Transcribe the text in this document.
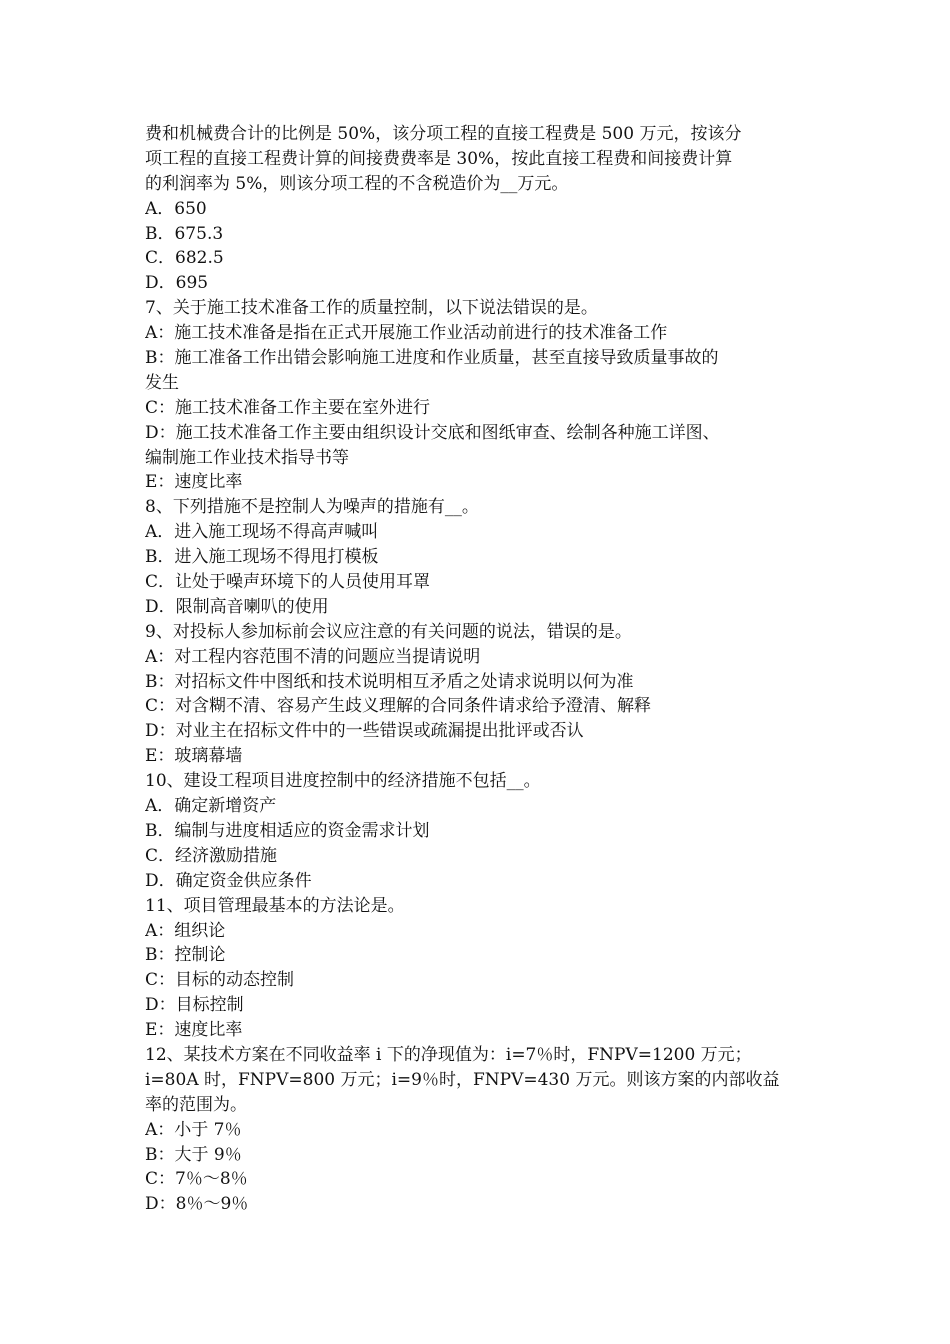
费和机械费合计的比例是 50%，该分项工程的直接工程费是 500 万元，按该分
项工程的直接工程费计算的间接费费率是 30%，按此直接工程费和间接费计算
的利润率为 5%，则该分项工程的不含税造价为__万元。
A．650
B．675.3
C．682.5
D．695
7、关于施工技术准备工作的质量控制，以下说法错误的是。
A：施工技术准备是指在正式开展施工作业活动前进行的技术准备工作
B：施工准备工作出错会影响施工进度和作业质量，甚至直接导致质量事故的
发生
C：施工技术准备工作主要在室外进行
D：施工技术准备工作主要由组织设计交底和图纸审查、绘制各种施工详图、
编制施工作业技术指导书等
E：速度比率
8、下列措施不是控制人为噪声的措施有__。
A．进入施工现场不得高声喊叫
B．进入施工现场不得甩打模板
C．让处于噪声环境下的人员使用耳罩
D．限制高音喇叭的使用
9、对投标人参加标前会议应注意的有关问题的说法，错误的是。
A：对工程内容范围不清的问题应当提请说明
B：对招标文件中图纸和技术说明相互矛盾之处请求说明以何为准
C：对含糊不清、容易产生歧义理解的合同条件请求给予澄清、解释
D：对业主在招标文件中的一些错误或疏漏提出批评或否认
E：玻璃幕墙
10、建设工程项目进度控制中的经济措施不包括__。
A．确定新增资产
B．编制与进度相适应的资金需求计划
C．经济激励措施
D．确定资金供应条件
11、项目管理最基本的方法论是。
A：组织论
B：控制论
C：目标的动态控制
D：目标控制
E：速度比率
12、某技术方案在不同收益率 i 下的净现值为：i=7％时，FNPV=1200 万元；
i=80A 时，FNPV=800 万元；i=9％时，FNPV=430 万元。则该方案的内部收益
率的范围为。
A：小于 7％
B：大于 9％
C：7％～8％
D：8％～9％
